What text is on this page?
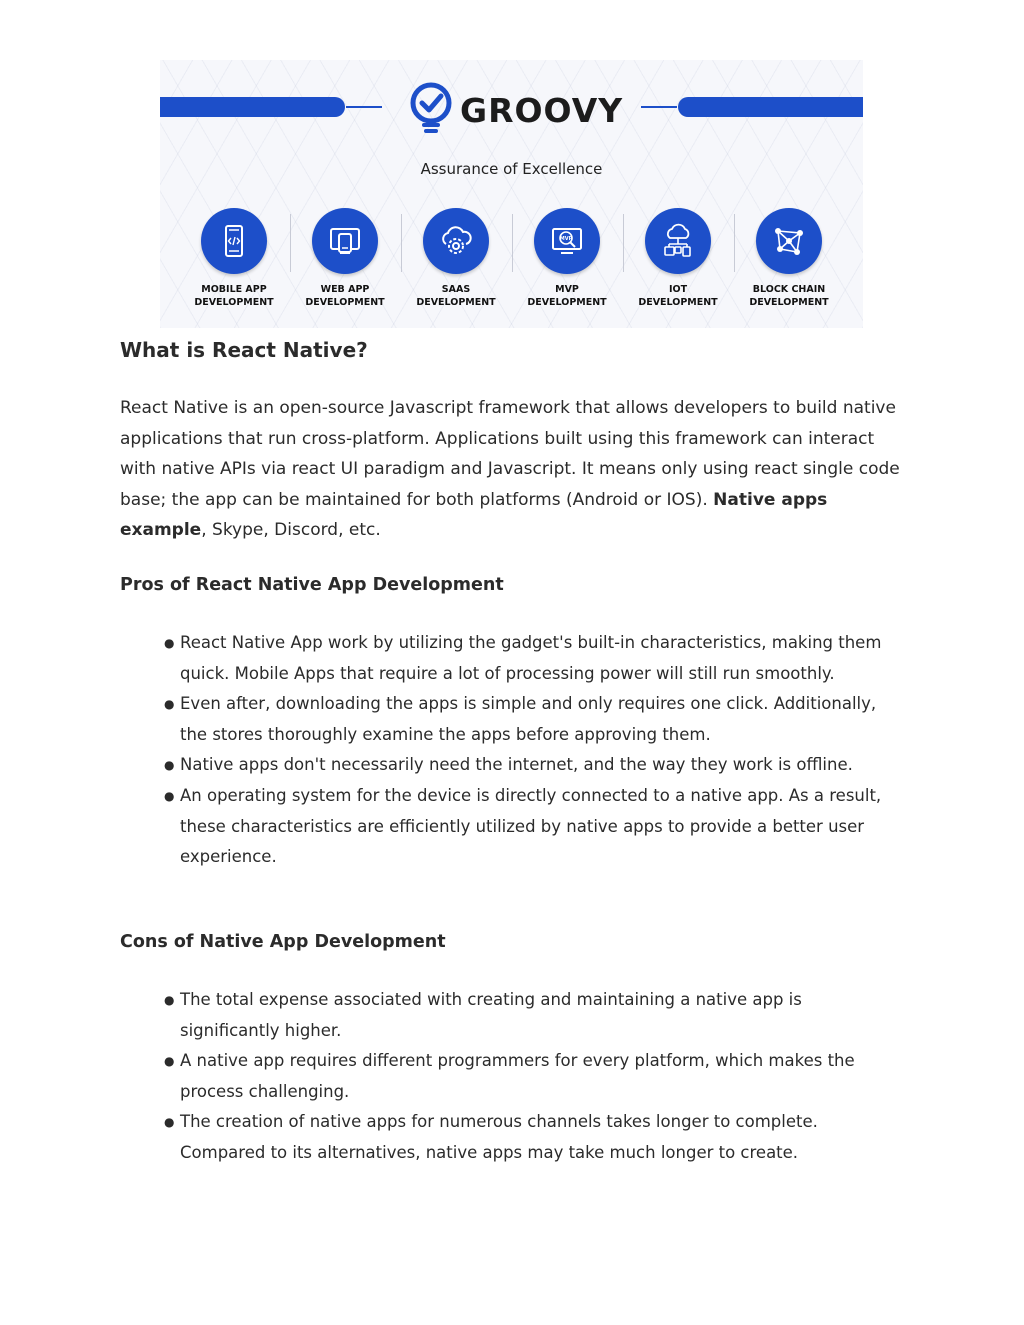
GROOVY
Assurance of Excellence
MOBILE APP
DEVELOPMENT
WEB APP
DEVELOPMENT
SAAS
DEVELOPMENT
MVP
MVP
DEVELOPMENT
IOT
DEVELOPMENT
BLOCK CHAIN
DEVELOPMENT
What is React Native?

React Native is an open-source Javascript framework that allows developers to build native applications that run cross-platform. Applications built using this framework can interact with native APIs via react UI paradigm and Javascript. It means only using react single code base; the app can be maintained for both platforms (Android or IOS). Native apps example, Skype, Discord, etc.

Pros of React Native App Development
● React Native App work by utilizing the gadget's built-in characteristics, making them quick. Mobile Apps that require a lot of processing power will still run smoothly.
● Even after, downloading the apps is simple and only requires one click. Additionally, the stores thoroughly examine the apps before approving them.
● Native apps don't necessarily need the internet, and the way they work is offline.
● An operating system for the device is directly connected to a native app. As a result, these characteristics are efficiently utilized by native apps to provide a better user experience.
Cons of Native App Development
● The total expense associated with creating and maintaining a native app is significantly higher.
● A native app requires different programmers for every platform, which makes the process challenging.
● The creation of native apps for numerous channels takes longer to complete. Compared to its alternatives, native apps may take much longer to create.
